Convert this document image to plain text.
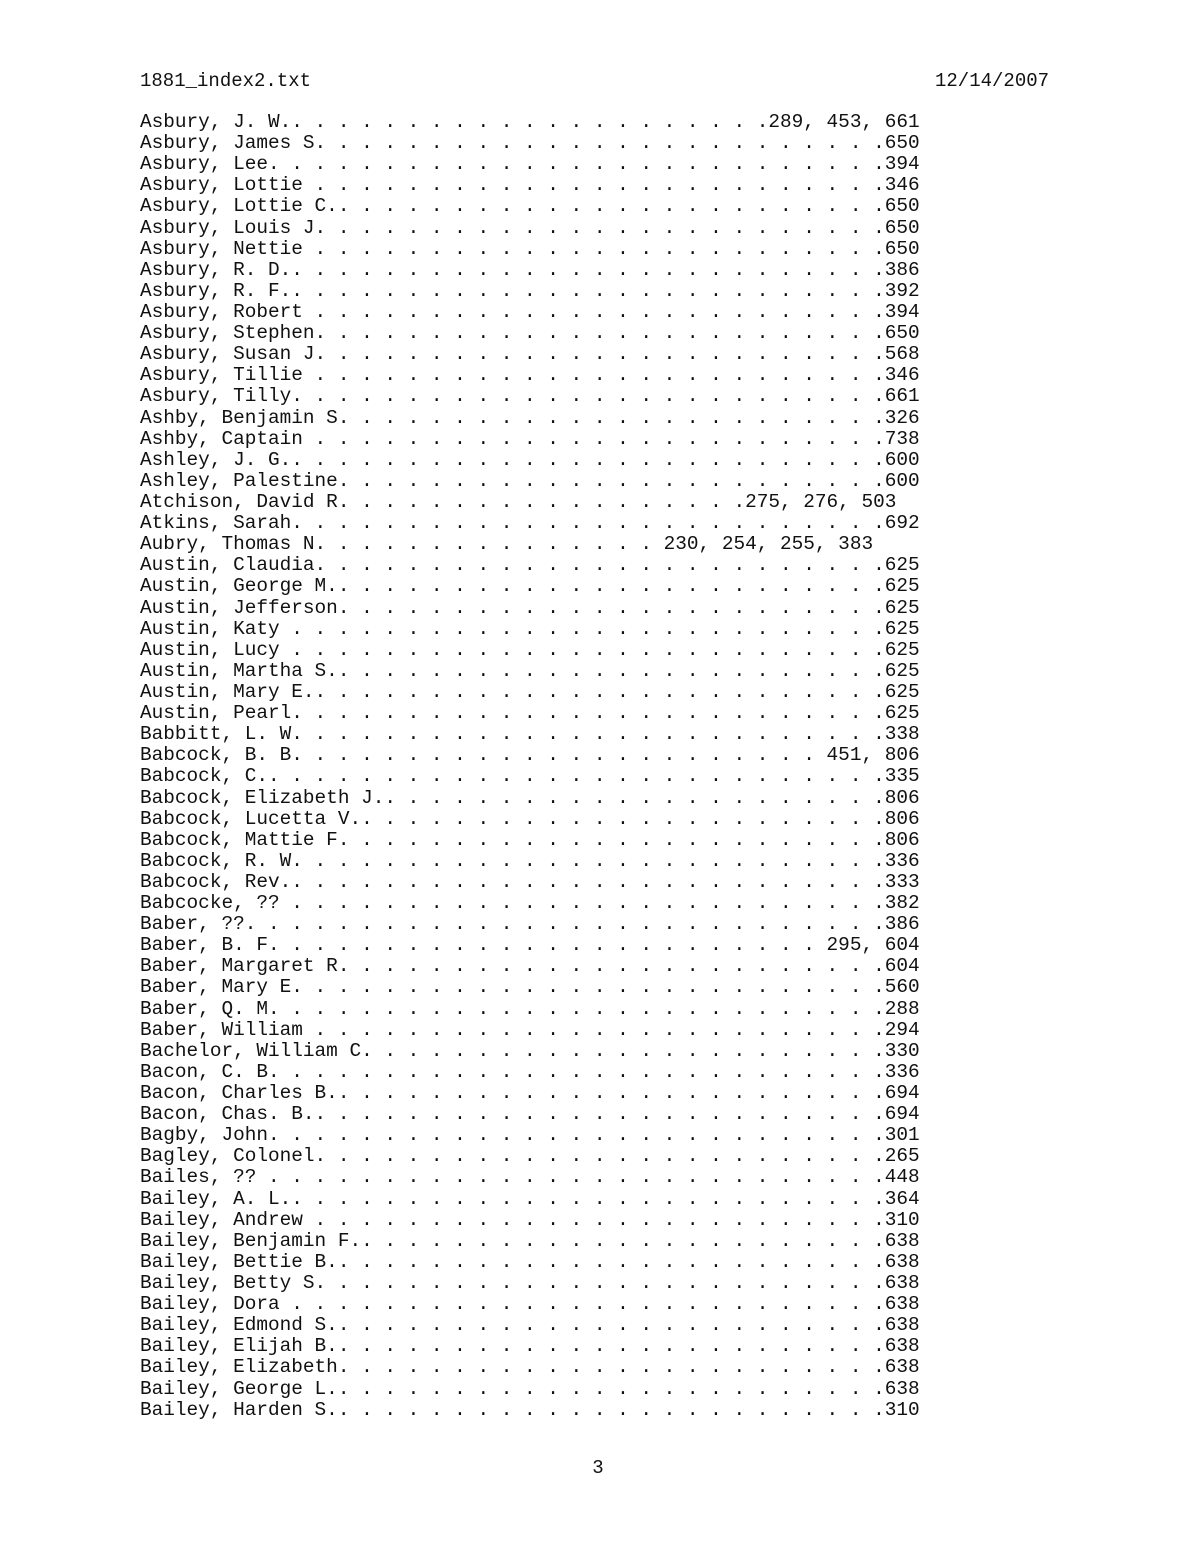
1881_index2.txt	12/14/2007
Asbury, J. W.. . . . . . . . . . . . . . . . . . . . .289, 453, 661
Asbury, James S. . . . . . . . . . . . . . . . . . . . . . . . .650
Asbury, Lee. . . . . . . . . . . . . . . . . . . . . . . . . . .394
Asbury, Lottie . . . . . . . . . . . . . . . . . . . . . . . . .346
Asbury, Lottie C.. . . . . . . . . . . . . . . . . . . . . . . .650
Asbury, Louis J. . . . . . . . . . . . . . . . . . . . . . . . .650
Asbury, Nettie . . . . . . . . . . . . . . . . . . . . . . . . .650
Asbury, R. D.. . . . . . . . . . . . . . . . . . . . . . . . . .386
Asbury, R. F.. . . . . . . . . . . . . . . . . . . . . . . . . .392
Asbury, Robert . . . . . . . . . . . . . . . . . . . . . . . . .394
Asbury, Stephen. . . . . . . . . . . . . . . . . . . . . . . . .650
Asbury, Susan J. . . . . . . . . . . . . . . . . . . . . . . . .568
Asbury, Tillie . . . . . . . . . . . . . . . . . . . . . . . . .346
Asbury, Tilly. . . . . . . . . . . . . . . . . . . . . . . . . .661
Ashby, Benjamin S. . . . . . . . . . . . . . . . . . . . . . . .326
Ashby, Captain . . . . . . . . . . . . . . . . . . . . . . . . .738
Ashley, J. G.. . . . . . . . . . . . . . . . . . . . . . . . . .600
Ashley, Palestine. . . . . . . . . . . . . . . . . . . . . . . .600
Atchison, David R. . . . . . . . . . . . . . . . . .275, 276, 503
Atkins, Sarah. . . . . . . . . . . . . . . . . . . . . . . . . .692
Aubry, Thomas N. . . . . . . . . . . . . . . 230, 254, 255, 383
Austin, Claudia. . . . . . . . . . . . . . . . . . . . . . . . .625
Austin, George M.. . . . . . . . . . . . . . . . . . . . . . . .625
Austin, Jefferson. . . . . . . . . . . . . . . . . . . . . . . .625
Austin, Katy . . . . . . . . . . . . . . . . . . . . . . . . . .625
Austin, Lucy . . . . . . . . . . . . . . . . . . . . . . . . . .625
Austin, Martha S.. . . . . . . . . . . . . . . . . . . . . . . .625
Austin, Mary E.. . . . . . . . . . . . . . . . . . . . . . . . .625
Austin, Pearl. . . . . . . . . . . . . . . . . . . . . . . . . .625
Babbitt, L. W. . . . . . . . . . . . . . . . . . . . . . . . . .338
Babcock, B. B. . . . . . . . . . . . . . . . . . . . . . . 451, 806
Babcock, C.. . . . . . . . . . . . . . . . . . . . . . . . . . .335
Babcock, Elizabeth J.. . . . . . . . . . . . . . . . . . . . . .806
Babcock, Lucetta V.. . . . . . . . . . . . . . . . . . . . . . .806
Babcock, Mattie F. . . . . . . . . . . . . . . . . . . . . . . .806
Babcock, R. W. . . . . . . . . . . . . . . . . . . . . . . . . .336
Babcock, Rev.. . . . . . . . . . . . . . . . . . . . . . . . . .333
Babcocke, ?? . . . . . . . . . . . . . . . . . . . . . . . . . .382
Baber, ??. . . . . . . . . . . . . . . . . . . . . . . . . . . .386
Baber, B. F. . . . . . . . . . . . . . . . . . . . . . . . 295, 604
Baber, Margaret R. . . . . . . . . . . . . . . . . . . . . . . .604
Baber, Mary E. . . . . . . . . . . . . . . . . . . . . . . . . .560
Baber, Q. M. . . . . . . . . . . . . . . . . . . . . . . . . . .288
Baber, William . . . . . . . . . . . . . . . . . . . . . . . . .294
Bachelor, William C. . . . . . . . . . . . . . . . . . . . . . .330
Bacon, C. B. . . . . . . . . . . . . . . . . . . . . . . . . . .336
Bacon, Charles B.. . . . . . . . . . . . . . . . . . . . . . . .694
Bacon, Chas. B.. . . . . . . . . . . . . . . . . . . . . . . . .694
Bagby, John. . . . . . . . . . . . . . . . . . . . . . . . . . .301
Bagley, Colonel. . . . . . . . . . . . . . . . . . . . . . . . .265
Bailes, ?? . . . . . . . . . . . . . . . . . . . . . . . . . . .448
Bailey, A. L.. . . . . . . . . . . . . . . . . . . . . . . . . .364
Bailey, Andrew . . . . . . . . . . . . . . . . . . . . . . . . .310
Bailey, Benjamin F.. . . . . . . . . . . . . . . . . . . . . . .638
Bailey, Bettie B.. . . . . . . . . . . . . . . . . . . . . . . .638
Bailey, Betty S. . . . . . . . . . . . . . . . . . . . . . . . .638
Bailey, Dora . . . . . . . . . . . . . . . . . . . . . . . . . .638
Bailey, Edmond S.. . . . . . . . . . . . . . . . . . . . . . . .638
Bailey, Elijah B.. . . . . . . . . . . . . . . . . . . . . . . .638
Bailey, Elizabeth. . . . . . . . . . . . . . . . . . . . . . . .638
Bailey, George L.. . . . . . . . . . . . . . . . . . . . . . . .638
Bailey, Harden S.. . . . . . . . . . . . . . . . . . . . . . . .310
3
